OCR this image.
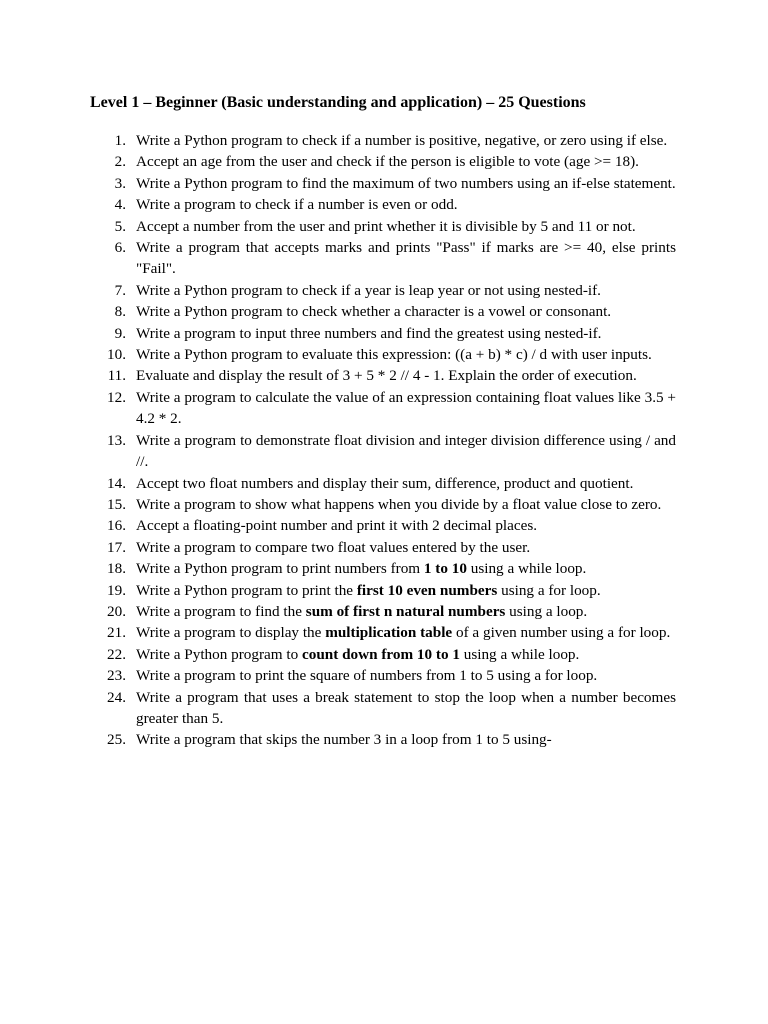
Level 1 – Beginner (Basic understanding and application) – 25 Questions
1. Write a Python program to check if a number is positive, negative, or zero using if else.
2. Accept an age from the user and check if the person is eligible to vote (age >= 18).
3. Write a Python program to find the maximum of two numbers using an if-else statement.
4. Write a program to check if a number is even or odd.
5. Accept a number from the user and print whether it is divisible by 5 and 11 or not.
6. Write a program that accepts marks and prints "Pass" if marks are >= 40, else prints "Fail".
7. Write a Python program to check if a year is leap year or not using nested-if.
8. Write a Python program to check whether a character is a vowel or consonant.
9. Write a program to input three numbers and find the greatest using nested-if.
10. Write a Python program to evaluate this expression: ((a + b) * c) / d with user inputs.
11. Evaluate and display the result of 3 + 5 * 2 // 4 - 1. Explain the order of execution.
12. Write a program to calculate the value of an expression containing float values like 3.5 + 4.2 * 2.
13. Write a program to demonstrate float division and integer division difference using / and //.
14. Accept two float numbers and display their sum, difference, product and quotient.
15. Write a program to show what happens when you divide by a float value close to zero.
16. Accept a floating-point number and print it with 2 decimal places.
17. Write a program to compare two float values entered by the user.
18. Write a Python program to print numbers from 1 to 10 using a while loop.
19. Write a Python program to print the first 10 even numbers using a for loop.
20. Write a program to find the sum of first n natural numbers using a loop.
21. Write a program to display the multiplication table of a given number using a for loop.
22. Write a Python program to count down from 10 to 1 using a while loop.
23. Write a program to print the square of numbers from 1 to 5 using a for loop.
24. Write a program that uses a break statement to stop the loop when a number becomes greater than 5.
25. Write a program that skips the number 3 in a loop from 1 to 5 using-
